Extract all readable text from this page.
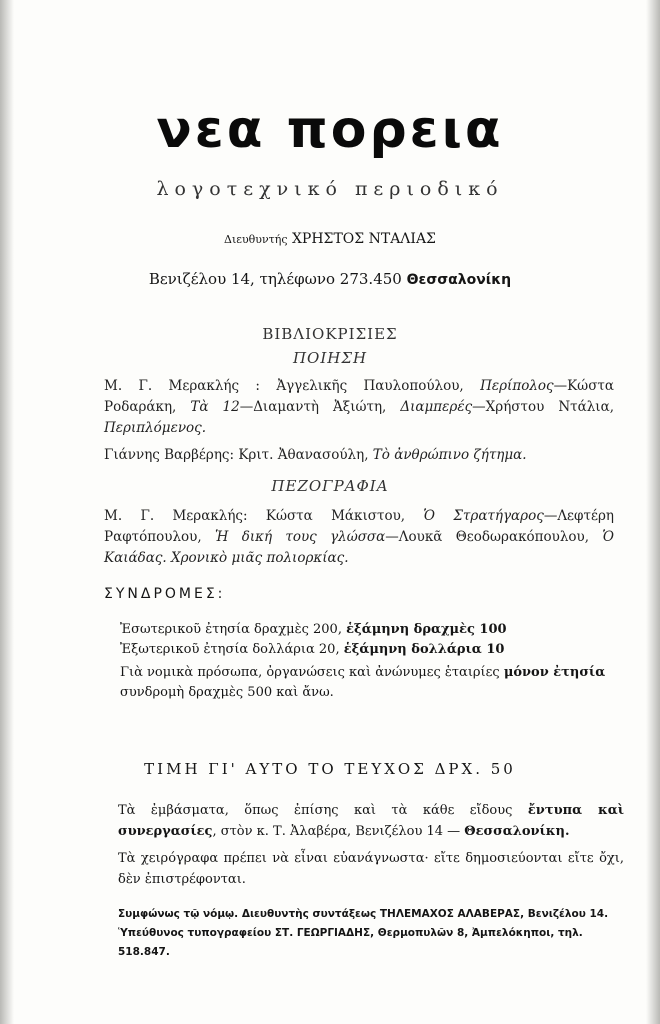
νεα πορεια
λογοτεχνικό περιοδικό
Διευθυντής ΧΡΗΣΤΟΣ ΝΤΑΛΙΑΣ
Βενιζέλου 14, τηλέφωνο 273.450 Θεσσαλονίκη
ΒΙΒΛΙΟΚΡΙΣΙΕΣ
ΠΟΙΗΣΗ
Μ. Γ. Μερακλής : Ἀγγελικῆς Παυλοπούλου, Περίπολος—Κώστα Ροδαράκη, Τὰ 12—Διαμαντὴ Ἀξιώτη, Διαμπερές—Χρήστου Ντάλια, Περιπλόμενος.
Γιάννης Βαρβέρης: Κριτ. Ἀθανασούλη, Τὸ ἀνθρώπινο ζήτημα.
ΠΕΖΟΓΡΑΦΙΑ
Μ. Γ. Μερακλής: Κώστα Μάκιστου, Ὁ Στρατήγαρος—Λεφτέρη Ραφτόπουλου, Ἡ δική τους γλώσσα—Λουκᾶ Θεοδωρακόπουλου, Ὁ Καιάδας. Χρονικὸ μιᾶς πολιορκίας.
ΣΥΝΔΡΟΜΕΣ:
Ἐσωτερικοῦ ἐτησία δραχμὲς 200, ἑξάμηνη δραχμὲς 100
Ἐξωτερικοῦ ἐτησία δολλάρια 20, ἑξάμηνη δολλάρια 10
Γιὰ νομικὰ πρόσωπα, ὀργανώσεις καὶ ἀνώνυμες ἑταιρίες μόνον ἐτησία συνδρομὴ δραχμὲς 500 καὶ ἄνω.
ΤΙΜΗ ΓΙ' ΑΥΤΟ ΤΟ ΤΕΥΧΟΣ ΔΡΧ. 50
Τὰ ἐμβάσματα, ὅπως ἐπίσης καὶ τὰ κάθε εἴδους ἔντυπα καὶ συνεργασίες, στὸν κ. Τ. Ἀλαβέρα, Βενιζέλου 14 — Θεσσαλονίκη.
Τὰ χειρόγραφα πρέπει νὰ εἶναι εὐανάγνωστα· εἴτε δημοσιεύονται εἴτε ὄχι, δὲν ἐπιστρέφονται.
Συμφώνως τῷ νόμῳ. Διευθυντὴς συντάξεως ΤΗΛΕΜΑΧΟΣ ΑΛΑΒΕΡΑΣ, Βενιζέλου 14. Ὑπεύθυνος τυπογραφείου ΣΤ. ΓΕΩΡΓΙΑΔΗΣ, Θερμοπυλῶν 8, Ἀμπελόκηποι, τηλ. 518.847.
